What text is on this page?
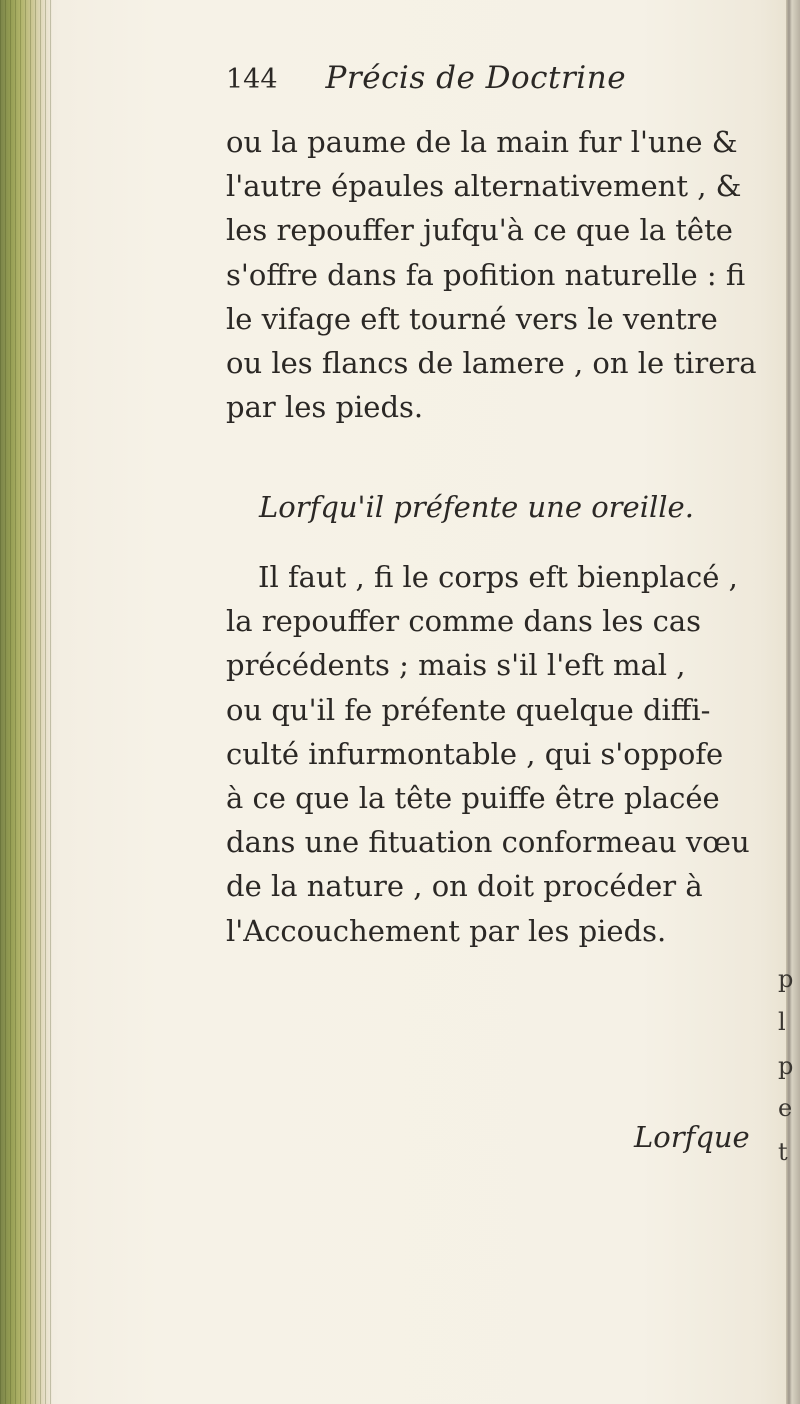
144 Précis de Doctrine
ou la paume de la main fur l'une &
l'autre épaules alternativement , &
les repouffer jufqu'à ce que la tête
s'offre dans fa pofition naturelle : fi
le vifage eft tourné vers le ventre
ou les flancs de lamere , on le tirera
par les pieds.
Lorfqu'il préfente une oreille.
Il faut , fi le corps eft bienplacé ,
la repouffer comme dans les cas
précédents ; mais s'il l'eft mal ,
ou qu'il fe préfente quelque diffi-
culté infurmontable , qui s'oppofe
à ce que la tête puiffe être placée
dans une fituation conformeau vœu
de la nature , on doit procéder à
l'Accouchement par les pieds.
p
l
p
e
t
Lorfque
